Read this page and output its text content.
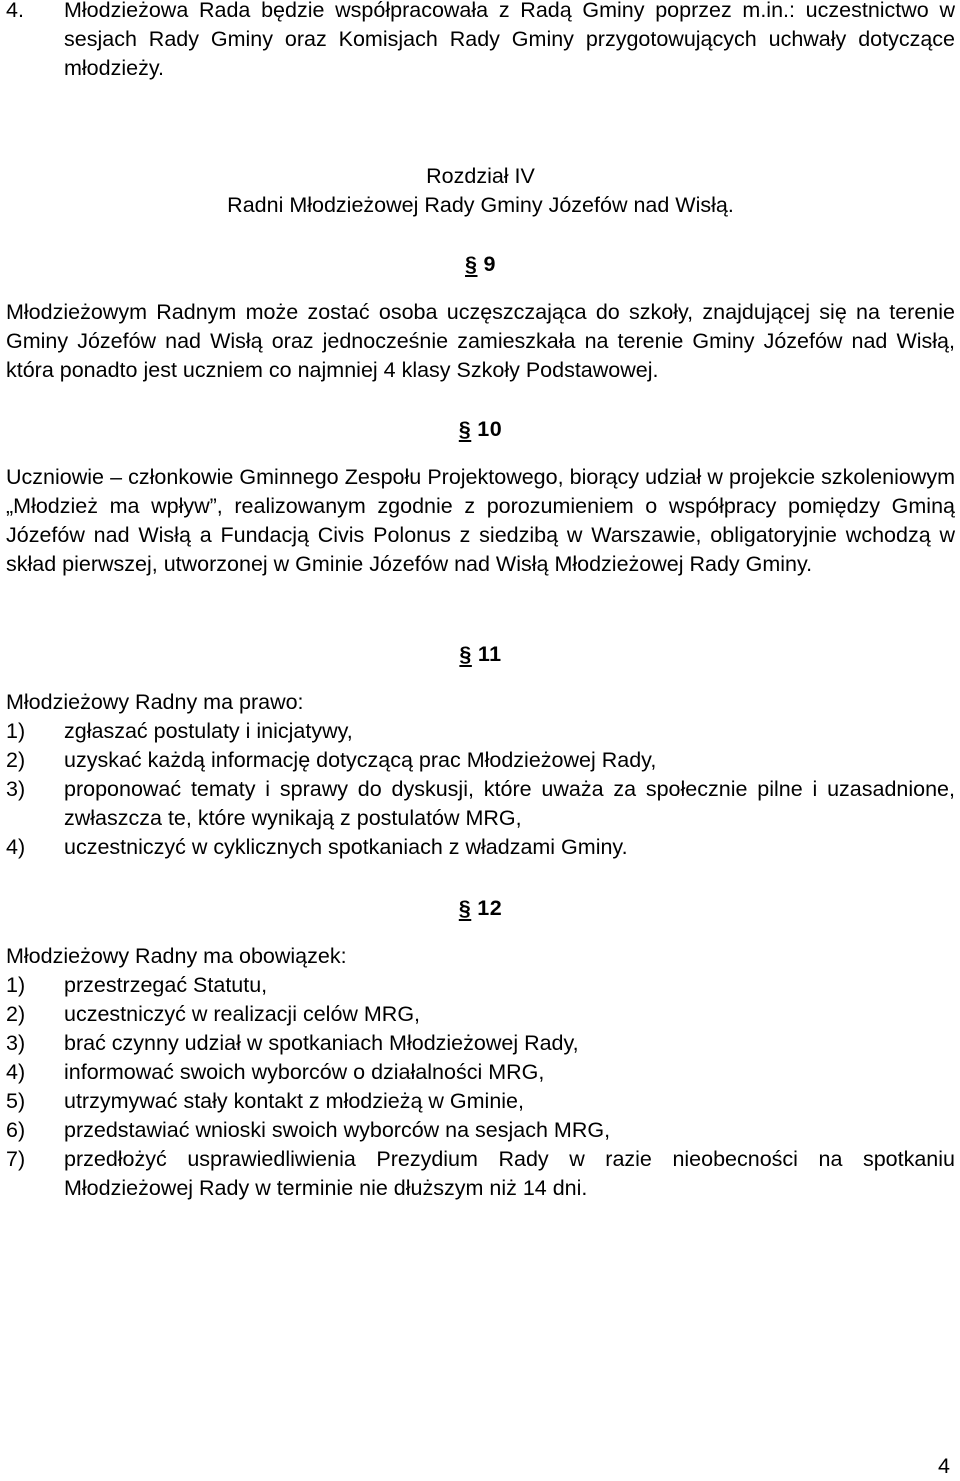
4.	Młodzieżowa Rada będzie współpracowała z Radą Gminy poprzez m.in.: uczestnictwo w sesjach Rady Gminy oraz Komisjach Rady Gminy przygotowujących uchwały dotyczące młodzieży.

Rozdział IV

Radni Młodzieżowej Rady Gminy Józefów nad Wisłą.

§ 9

Młodzieżowym Radnym może zostać osoba uczęszczająca do szkoły, znajdującej się na terenie Gminy Józefów nad Wisłą oraz jednocześnie zamieszkała na terenie Gminy Józefów nad Wisłą, która ponadto jest uczniem co najmniej 4 klasy Szkoły Podstawowej.

§ 10

Uczniowie – członkowie Gminnego Zespołu Projektowego, biorący udział w projekcie szkoleniowym „Młodzież ma wpływ”, realizowanym zgodnie z porozumieniem o współpracy pomiędzy Gminą Józefów nad Wisłą a Fundacją Civis Polonus z siedzibą w Warszawie, obligatoryjnie wchodzą w skład pierwszej, utworzonej w Gminie Józefów nad Wisłą Młodzieżowej Rady Gminy.

§ 11

Młodzieżowy Radny ma prawo:

1)	zgłaszać postulaty i inicjatywy,
2)	uzyskać każdą informację dotyczącą prac Młodzieżowej Rady,
3)	proponować tematy i sprawy do dyskusji, które uważa za społecznie pilne i uzasadnione, zwłaszcza te, które wynikają z postulatów MRG,
4)	uczestniczyć w cyklicznych spotkaniach z władzami Gminy.

§ 12

Młodzieżowy Radny ma obowiązek:

1)	przestrzegać Statutu,
2)	uczestniczyć w realizacji celów MRG,
3)	brać czynny udział w spotkaniach Młodzieżowej Rady,
4)	informować swoich wyborców o działalności MRG,
5)	utrzymywać stały kontakt z młodzieżą w Gminie,
6)	przedstawiać wnioski swoich wyborców na sesjach MRG,
7)	przedłożyć usprawiedliwienia Prezydium Rady w razie nieobecności na spotkaniu Młodzieżowej Rady w terminie nie dłuższym niż 14 dni.
4
